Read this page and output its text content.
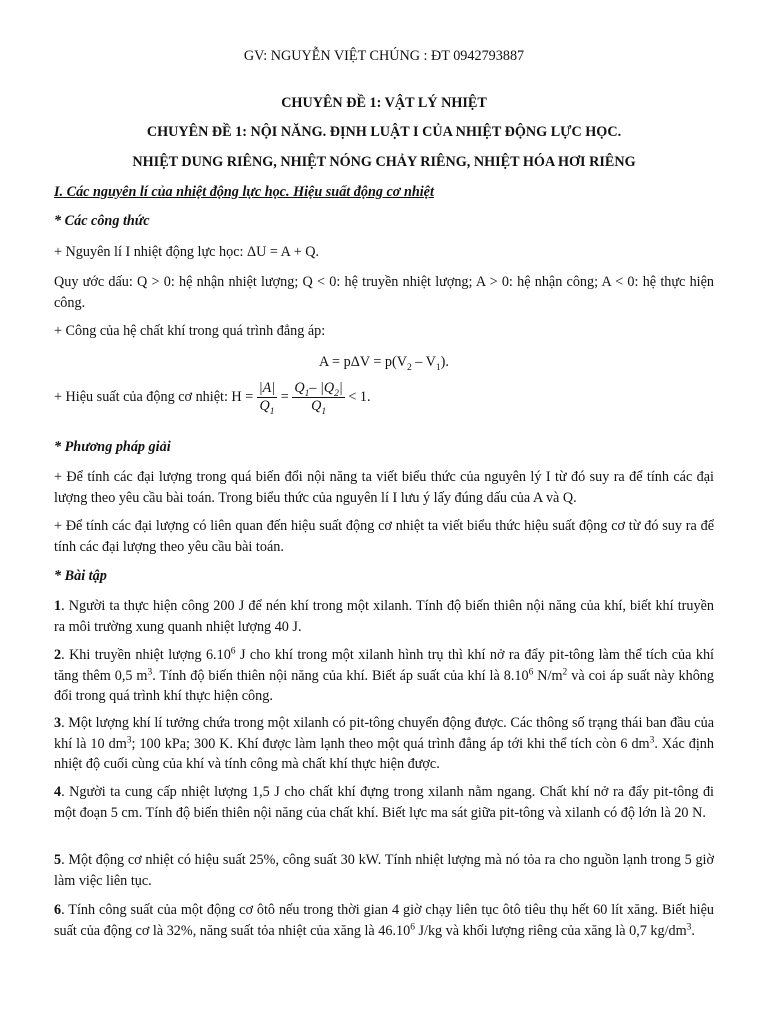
GV: NGUYỄN VIỆT CHÚNG : ĐT 0942793887

CHUYÊN ĐỀ 1: VẬT LÝ NHIỆT

CHUYÊN ĐỀ 1: NỘI NĂNG. ĐỊNH LUẬT I CỦA NHIỆT ĐỘNG LỰC HỌC.

NHIỆT DUNG RIÊNG, NHIỆT NÓNG CHẢY RIÊNG, NHIỆT HÓA HƠI RIÊNG

I. Các nguyên lí của nhiệt động lực học. Hiệu suất động cơ nhiệt

* Các công thức

+ Nguyên lí I nhiệt động lực học: ΔU = A + Q.

Quy ước dấu: Q > 0: hệ nhận nhiệt lượng; Q < 0: hệ truyền nhiệt lượng; A > 0: hệ nhận công; A < 0: hệ thực hiện công.

+ Công của hệ chất khí trong quá trình đẳng áp:

$A = p\Delta V = p(V_2 - V_1)$.

+ Hiệu suất của động cơ nhiệt: $H = \frac{|A|}{Q_1} = \frac{Q_1- |Q_2|}{Q_1} < 1$.

* Phương pháp giải

+ Để tính các đại lượng trong quá biến đổi nội năng ta viết biểu thức của nguyên lý I từ đó suy ra để tính các đại lượng theo yêu cầu bài toán. Trong biểu thức của nguyên lí I lưu ý lấy đúng dấu của A và Q.

+ Để tính các đại lượng có liên quan đến hiệu suất động cơ nhiệt ta viết biểu thức hiệu suất động cơ từ đó suy ra để tính các đại lượng theo yêu cầu bài toán.

* Bài tập

1. Người ta thực hiện công 200 J để nén khí trong một xilanh. Tính độ biến thiên nội năng của khí, biết khí truyền ra môi trường xung quanh nhiệt lượng 40 J.

2. Khi truyền nhiệt lượng 6.10$^6$ J cho khí trong một xilanh hình trụ thì khí nở ra đẩy pit-tông làm thể tích của khí tăng thêm 0,5 $m^3$. Tính độ biến thiên nội năng của khí. Biết áp suất của khí là 8.10$^6$ $N/m^2$ và coi áp suất này không đổi trong quá trình khí thực hiện công.

3. Một lượng khí lí tưởng chứa trong một xilanh có pit-tông chuyển động được. Các thông số trạng thái ban đầu của khí là 10 $dm^3$; 100 kPa; 300 K. Khí được làm lạnh theo một quá trình đẳng áp tới khi thể tích còn 6 $dm^3$. Xác định nhiệt độ cuối cùng của khí và tính công mà chất khí thực hiện được.

4. Người ta cung cấp nhiệt lượng 1,5 J cho chất khí đựng trong xilanh nằm ngang. Chất khí nở ra đẩy pit-tông đi một đoạn 5 cm. Tính độ biến thiên nội năng của chất khí. Biết lực ma sát giữa pit-tông và xilanh có độ lớn là 20 N.

5. Một động cơ nhiệt có hiệu suất 25%, công suất 30 kW. Tính nhiệt lượng mà nó tỏa ra cho nguồn lạnh trong 5 giờ làm việc liên tục.

6. Tính công suất của một động cơ ôtô nếu trong thời gian 4 giờ chạy liên tục ôtô tiêu thụ hết 60 lít xăng. Biết hiệu suất của động cơ là 32%, năng suất tỏa nhiệt của xăng là 46.10$^6$ J/kg và khối lượng riêng của xăng là 0,7 $kg/dm^3$.
